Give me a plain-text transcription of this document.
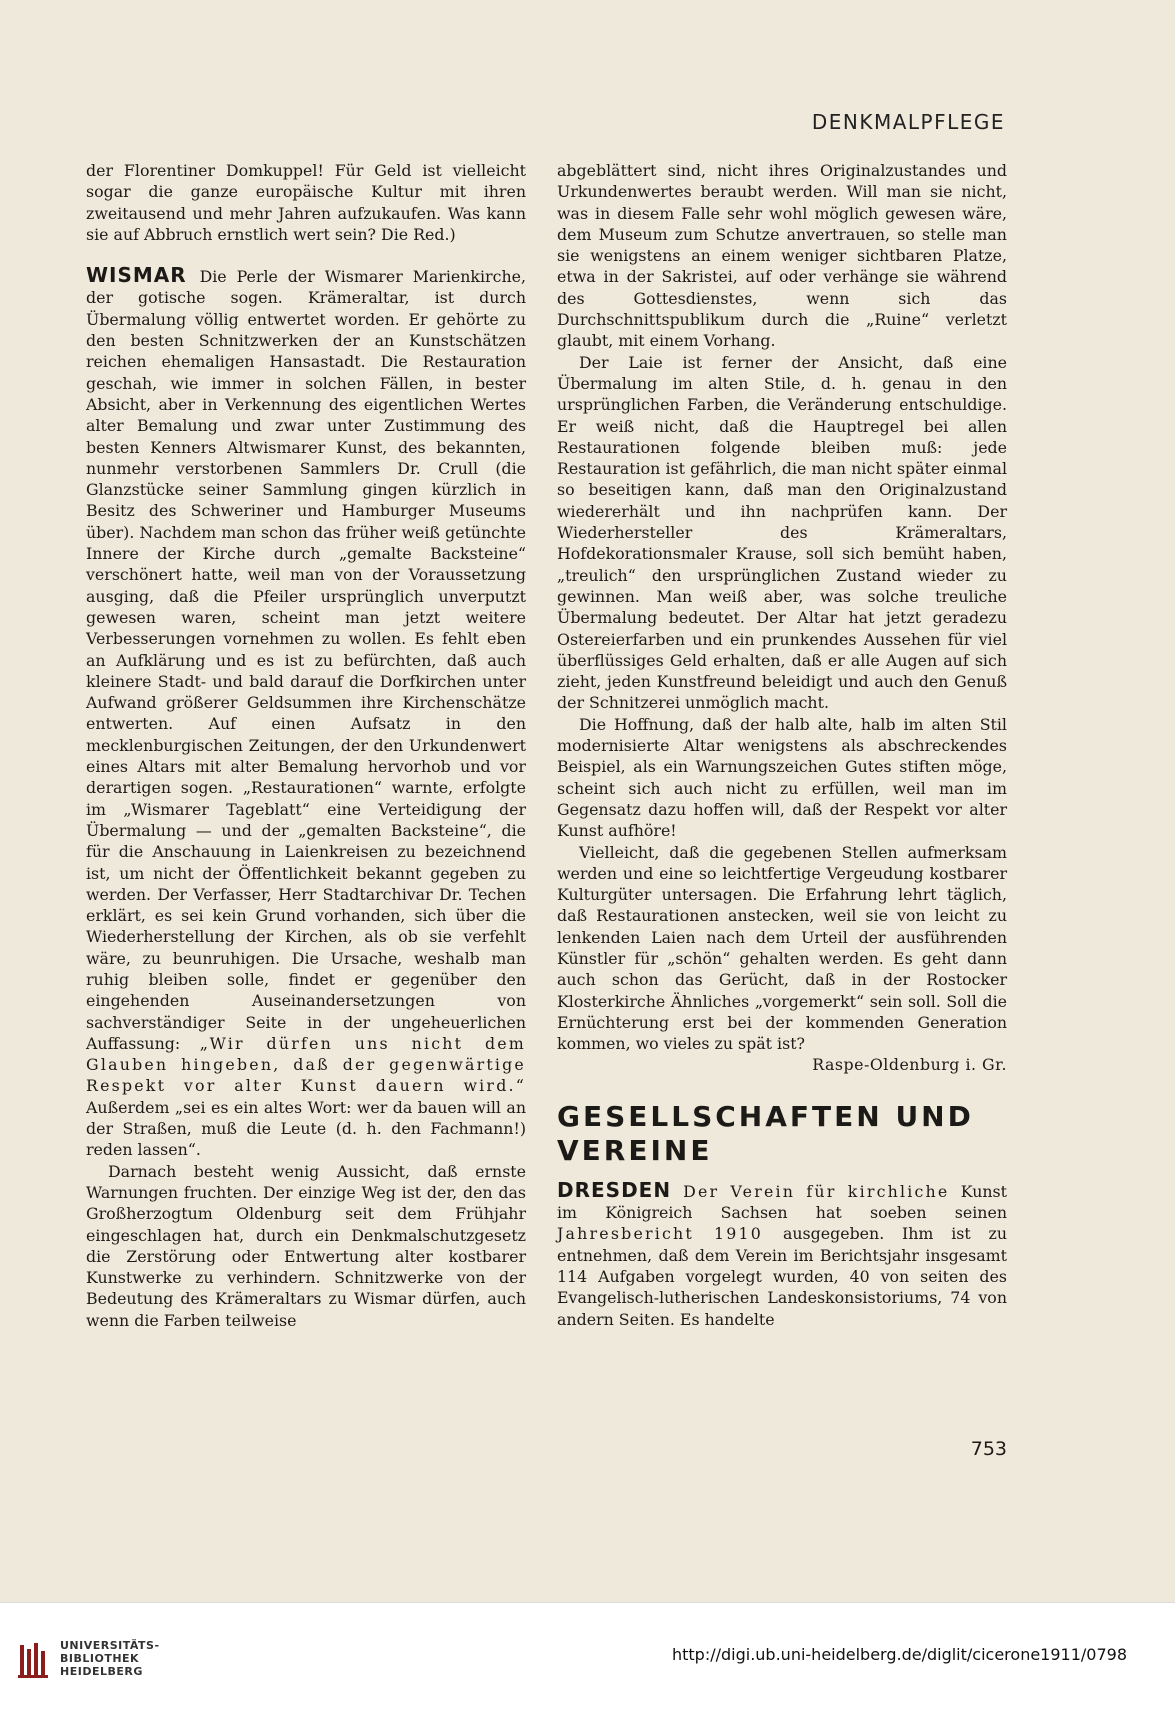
DENKMALPFLEGE

der Florentiner Domkuppel! Für Geld ist vielleicht sogar die ganze europäische Kultur mit ihren zweitausend und mehr Jahren aufzukaufen. Was kann sie auf Abbruch ernstlich wert sein? Die Red.)

WISMAR Die Perle der Wismarer Marienkirche, der gotische sogen. Krämeraltar, ist durch Übermalung völlig entwertet worden. Er gehörte zu den besten Schnitzwerken der an Kunstschätzen reichen ehemaligen Hansastadt. Die Restauration geschah, wie immer in solchen Fällen, in bester Absicht, aber in Verkennung des eigentlichen Wertes alter Bemalung und zwar unter Zustimmung des besten Kenners Altwismarer Kunst, des bekannten, nunmehr verstorbenen Sammlers Dr. Crull (die Glanzstücke seiner Sammlung gingen kürzlich in Besitz des Schweriner und Hamburger Museums über). Nachdem man schon das früher weiß getünchte Innere der Kirche durch „gemalte Backsteine“ verschönert hatte, weil man von der Voraussetzung ausging, daß die Pfeiler ursprünglich unverputzt gewesen waren, scheint man jetzt weitere Verbesserungen vornehmen zu wollen. Es fehlt eben an Aufklärung und es ist zu befürchten, daß auch kleinere Stadt- und bald darauf die Dorfkirchen unter Aufwand größerer Geldsummen ihre Kirchenschätze entwerten. Auf einen Aufsatz in den mecklenburgischen Zeitungen, der den Urkundenwert eines Altars mit alter Bemalung hervorhob und vor derartigen sogen. „Restaurationen“ warnte, erfolgte im „Wismarer Tageblatt“ eine Verteidigung der Übermalung — und der „gemalten Backsteine“, die für die Anschauung in Laienkreisen zu bezeichnend ist, um nicht der Öffentlichkeit bekannt gegeben zu werden. Der Verfasser, Herr Stadtarchivar Dr. Techen erklärt, es sei kein Grund vorhanden, sich über die Wiederherstellung der Kirchen, als ob sie verfehlt wäre, zu beunruhigen. Die Ursache, weshalb man ruhig bleiben solle, findet er gegenüber den eingehenden Auseinandersetzungen von sachverständiger Seite in der ungeheuerlichen Auffassung: „Wir dürfen uns nicht dem Glauben hingeben, daß der gegenwärtige Respekt vor alter Kunst dauern wird.“ Außerdem „sei es ein altes Wort: wer da bauen will an der Straßen, muß die Leute (d. h. den Fachmann!) reden lassen“.

Darnach besteht wenig Aussicht, daß ernste Warnungen fruchten. Der einzige Weg ist der, den das Großherzogtum Oldenburg seit dem Frühjahr eingeschlagen hat, durch ein Denkmalschutzgesetz die Zerstörung oder Entwertung alter kostbarer Kunstwerke zu verhindern. Schnitzwerke von der Bedeutung des Krämeraltars zu Wismar dürfen, auch wenn die Farben teilweise

abgeblättert sind, nicht ihres Originalzustandes und Urkundenwertes beraubt werden. Will man sie nicht, was in diesem Falle sehr wohl möglich gewesen wäre, dem Museum zum Schutze anvertrauen, so stelle man sie wenigstens an einem weniger sichtbaren Platze, etwa in der Sakristei, auf oder verhänge sie während des Gottesdienstes, wenn sich das Durchschnittspublikum durch die „Ruine“ verletzt glaubt, mit einem Vorhang.

Der Laie ist ferner der Ansicht, daß eine Übermalung im alten Stile, d. h. genau in den ursprünglichen Farben, die Veränderung entschuldige. Er weiß nicht, daß die Hauptregel bei allen Restaurationen folgende bleiben muß: jede Restauration ist gefährlich, die man nicht später einmal so beseitigen kann, daß man den Originalzustand wiedererhält und ihn nachprüfen kann. Der Wiederhersteller des Krämeraltars, Hofdekorationsmaler Krause, soll sich bemüht haben, „treulich“ den ursprünglichen Zustand wieder zu gewinnen. Man weiß aber, was solche treuliche Übermalung bedeutet. Der Altar hat jetzt geradezu Ostereierfarben und ein prunkendes Aussehen für viel überflüssiges Geld erhalten, daß er alle Augen auf sich zieht, jeden Kunstfreund beleidigt und auch den Genuß der Schnitzerei unmöglich macht.

Die Hoffnung, daß der halb alte, halb im alten Stil modernisierte Altar wenigstens als abschreckendes Beispiel, als ein Warnungszeichen Gutes stiften möge, scheint sich auch nicht zu erfüllen, weil man im Gegensatz dazu hoffen will, daß der Respekt vor alter Kunst aufhöre!

Vielleicht, daß die gegebenen Stellen aufmerksam werden und eine so leichtfertige Vergeudung kostbarer Kulturgüter untersagen. Die Erfahrung lehrt täglich, daß Restaurationen anstecken, weil sie von leicht zu lenkenden Laien nach dem Urteil der ausführenden Künstler für „schön“ gehalten werden. Es geht dann auch schon das Gerücht, daß in der Rostocker Klosterkirche Ähnliches „vorgemerkt“ sein soll. Soll die Ernüchterung erst bei der kommenden Generation kommen, wo vieles zu spät ist?

Raspe-Oldenburg i. Gr.

GESELLSCHAFTEN UND VEREINE

DRESDEN Der Verein für kirchliche Kunst im Königreich Sachsen hat soeben seinen Jahresbericht 1910 ausgegeben. Ihm ist zu entnehmen, daß dem Verein im Berichtsjahr insgesamt 114 Aufgaben vorgelegt wurden, 40 von seiten des Evangelisch-lutherischen Landeskonsistoriums, 74 von andern Seiten. Es handelte

753
UNIVERSITÄTS-
BIBLIOTHEK
HEIDELBERG
http://digi.ub.uni-heidelberg.de/diglit/cicerone1911/0798
